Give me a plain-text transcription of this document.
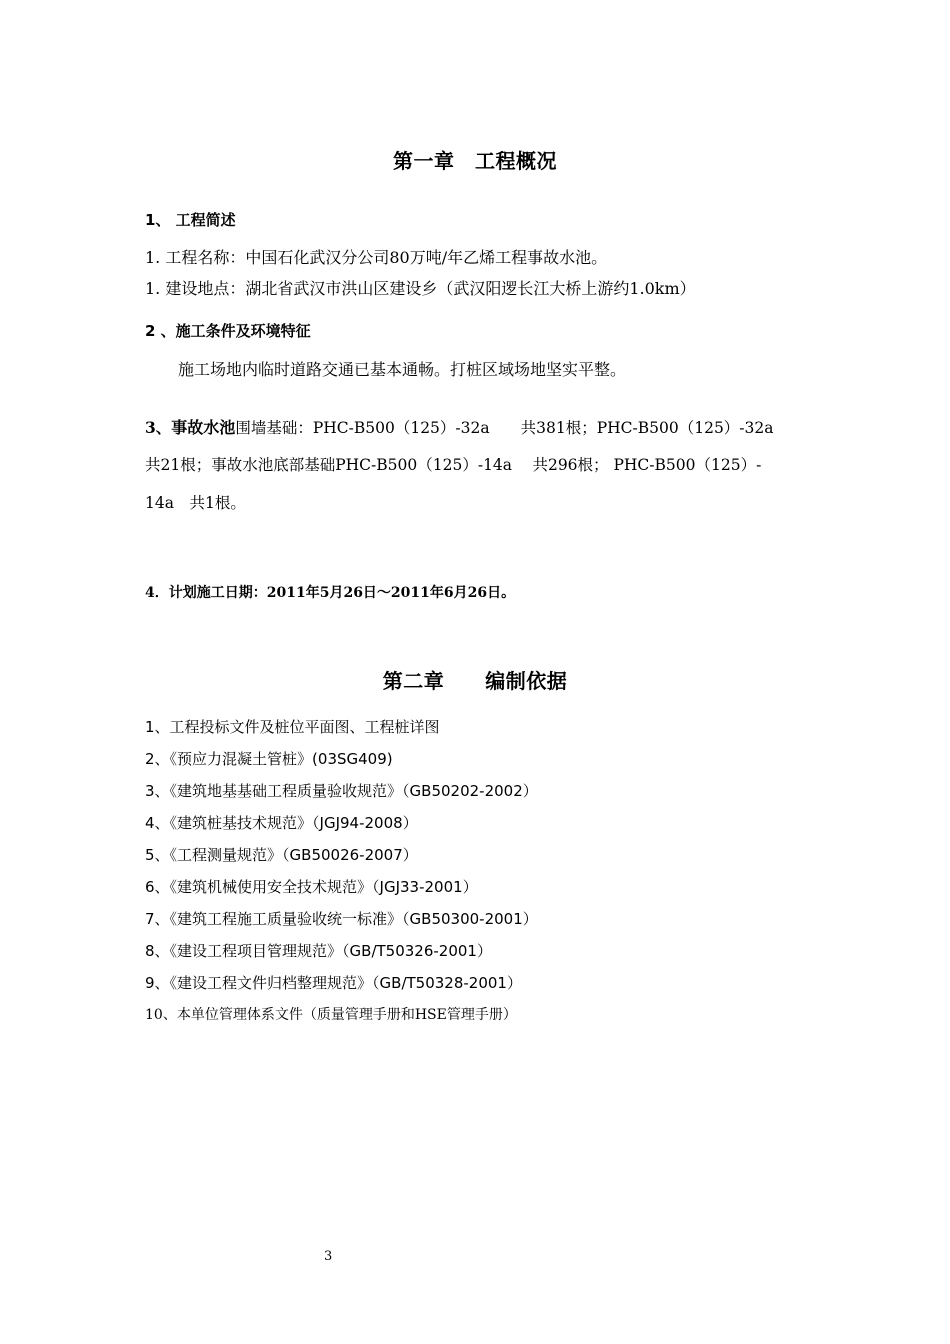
第一章　工程概况
1、 工程简述
1. 工程名称：中国石化武汉分公司80万吨/年乙烯工程事故水池。
1. 建设地点：湖北省武汉市洪山区建设乡（武汉阳逻长江大桥上游约1.0km）
2 、施工条件及环境特征
施工场地内临时道路交通已基本通畅。打桩区域场地坚实平整。
3、事故水池围墙基础：PHC-B500（125）-32a　　共381根；PHC-B500（125）-32a
共21根；事故水池底部基础PHC-B500（125）-14a　 共296根； PHC-B500（125）-
14a　共1根。
4．计划施工日期：2011年5月26日～2011年6月26日。
第二章　　编制依据
1、工程投标文件及桩位平面图、工程桩详图
2、《预应力混凝土管桩》(03SG409)
3、《建筑地基基础工程质量验收规范》（GB50202-2002）
4、《建筑桩基技术规范》（JGJ94-2008）
5、《工程测量规范》（GB50026-2007）
6、《建筑机械使用安全技术规范》（JGJ33-2001）
7、《建筑工程施工质量验收统一标准》（GB50300-2001）
8、《建设工程项目管理规范》（GB/T50326-2001）
9、《建设工程文件归档整理规范》（GB/T50328-2001）
10、本单位管理体系文件（质量管理手册和HSE管理手册）
3
